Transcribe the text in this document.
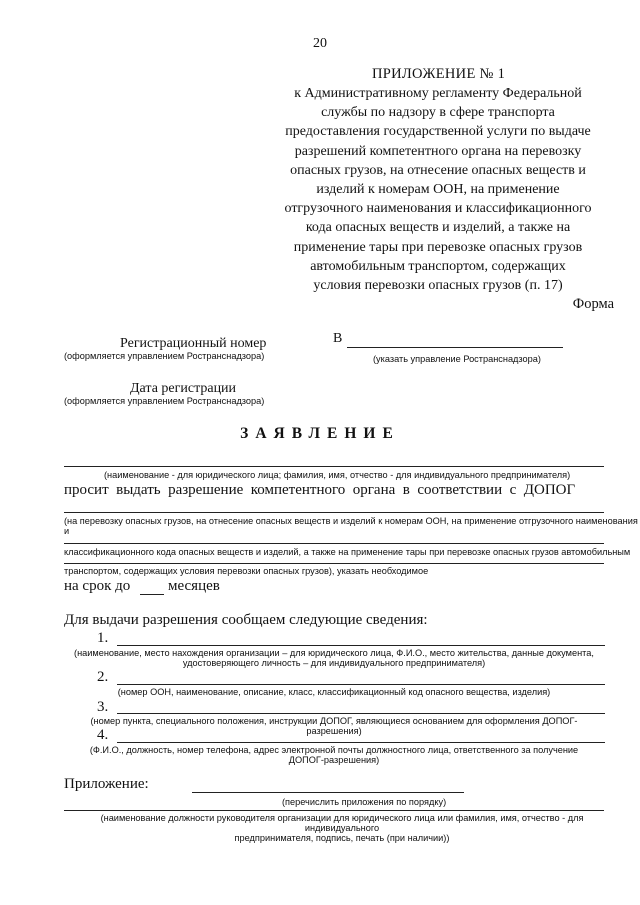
20
ПРИЛОЖЕНИЕ № 1
к Административному регламенту Федеральной
службы по надзору в сфере транспорта
предоставления государственной услуги по выдаче
разрешений компетентного органа на перевозку
опасных грузов, на отнесение опасных веществ и
изделий к номерам ООН, на применение
отгрузочного наименования и классификационного
кода опасных веществ и изделий, а также на
применение тары при перевозке опасных грузов
автомобильным транспортом, содержащих
условия перевозки опасных грузов (п. 17)
Форма
Регистрационный номер
(оформляется управлением Ространснадзора)
В
(указать управление Ространснадзора)
Дата регистрации
(оформляется управлением Ространснадзора)
ЗАЯВЛЕНИЕ
(наименование - для юридического лица; фамилия, имя, отчество - для индивидуального предпринимателя)
просит  выдать  разрешение  компетентного  органа  в  соответствии  с  ДОПОГ
(на перевозку опасных грузов, на отнесение опасных веществ и изделий к номерам ООН, на применение отгрузочного наименования и
классификационного кода опасных веществ и изделий, а также на применение тары при перевозке опасных грузов автомобильным
транспортом, содержащих условия перевозки опасных грузов), указать необходимое
на срок до	месяцев
Для выдачи разрешения сообщаем следующие сведения:
1.
(наименование, место нахождения организации – для юридического лица, Ф.И.О., место жительства, данные документа,
удостоверяющего личность – для индивидуального предпринимателя)
2.
(номер ООН, наименование, описание, класс, классификационный код опасного вещества, изделия)
3.
(номер пункта, специального положения, инструкции ДОПОГ, являющиеся основанием для оформления ДОПОГ-разрешения)
4.
(Ф.И.О., должность, номер телефона, адрес электронной почты должностного лица, ответственного за получение
ДОПОГ-разрешения)
Приложение:
(перечислить приложения по порядку)
(наименование должности руководителя организации для юридического лица или фамилия, имя, отчество - для индивидуального
предпринимателя, подпись, печать (при наличии))
